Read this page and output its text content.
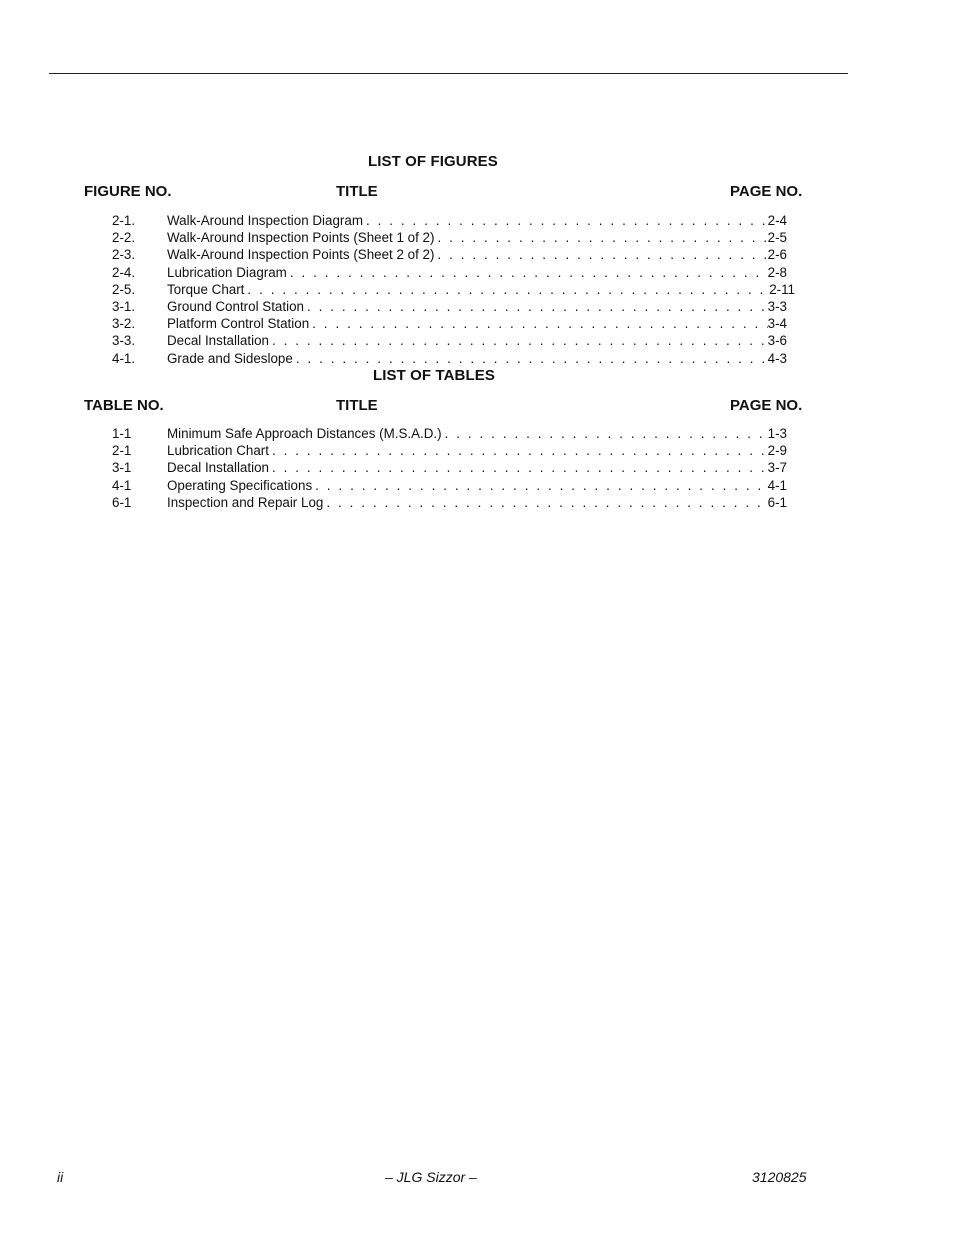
LIST OF FIGURES
FIGURE NO.	TITLE	PAGE NO.
2-1. Walk-Around Inspection Diagram . . .	2-4
2-2. Walk-Around Inspection Points (Sheet 1 of 2) . . .	2-5
2-3. Walk-Around Inspection Points (Sheet 2 of 2) . . .	2-6
2-4. Lubrication Diagram . . .	2-8
2-5. Torque Chart . . .	2-11
3-1. Ground Control Station . . .	3-3
3-2. Platform Control Station . . .	3-4
3-3. Decal Installation . . .	3-6
4-1. Grade and Sideslope . . .	4-3
LIST OF TABLES
TABLE NO.	TITLE	PAGE NO.
1-1	Minimum Safe Approach Distances (M.S.A.D.) . . .	1-3
2-1	Lubrication Chart . . .	2-9
3-1	Decal Installation . . .	3-7
4-1	Operating Specifications . . .	4-1
6-1	Inspection and Repair Log . . .	6-1
ii	– JLG Sizzor –	3120825
